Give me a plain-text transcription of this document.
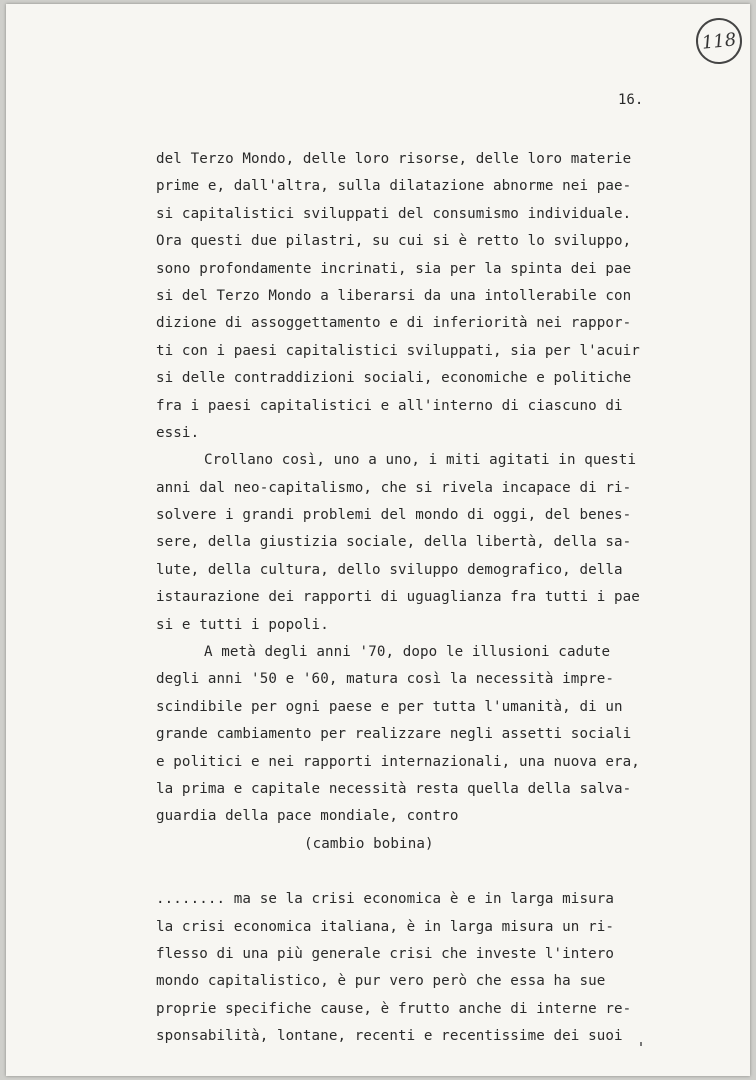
118
16.
del Terzo Mondo, delle loro risorse, delle loro materie
prime e, dall'altra, sulla dilatazione abnorme nei pae-
si capitalistici sviluppati del consumismo individuale.
Ora questi due pilastri, su cui si è retto lo sviluppo,
sono profondamente incrinati, sia per la spinta dei pae
si del Terzo Mondo a liberarsi da una intollerabile con
dizione di assoggettamento e di inferiorità nei rappor-
ti con i paesi capitalistici sviluppati, sia per l'acuir
si delle contraddizioni sociali, economiche e politiche
fra i paesi capitalistici e all'interno di ciascuno di
essi.
Crollano così, uno a uno, i miti agitati in questi
anni dal neo-capitalismo, che si rivela incapace di ri-
solvere i grandi problemi del mondo di oggi, del benes-
sere, della giustizia sociale, della libertà, della sa-
lute, della cultura, dello sviluppo demografico, della
istaurazione dei rapporti di uguaglianza fra tutti i pae
si e tutti i popoli.
A metà degli anni '70, dopo le illusioni cadute
degli anni '50 e '60, matura così la necessità impre-
scindibile per ogni paese e per tutta l'umanità, di un
grande cambiamento per realizzare negli assetti sociali
e politici e nei rapporti internazionali, una nuova era,
la prima e capitale necessità resta quella della salva-
guardia della pace mondiale, contro
(cambio bobina)
........ ma se la crisi economica è e in larga misura
la crisi economica italiana, è in larga misura un ri-
flesso di una più generale crisi che investe l'intero
mondo capitalistico, è pur vero però che essa ha sue
proprie specifiche cause, è frutto anche di interne re-
sponsabilità, lontane, recenti e recentissime dei suoi
